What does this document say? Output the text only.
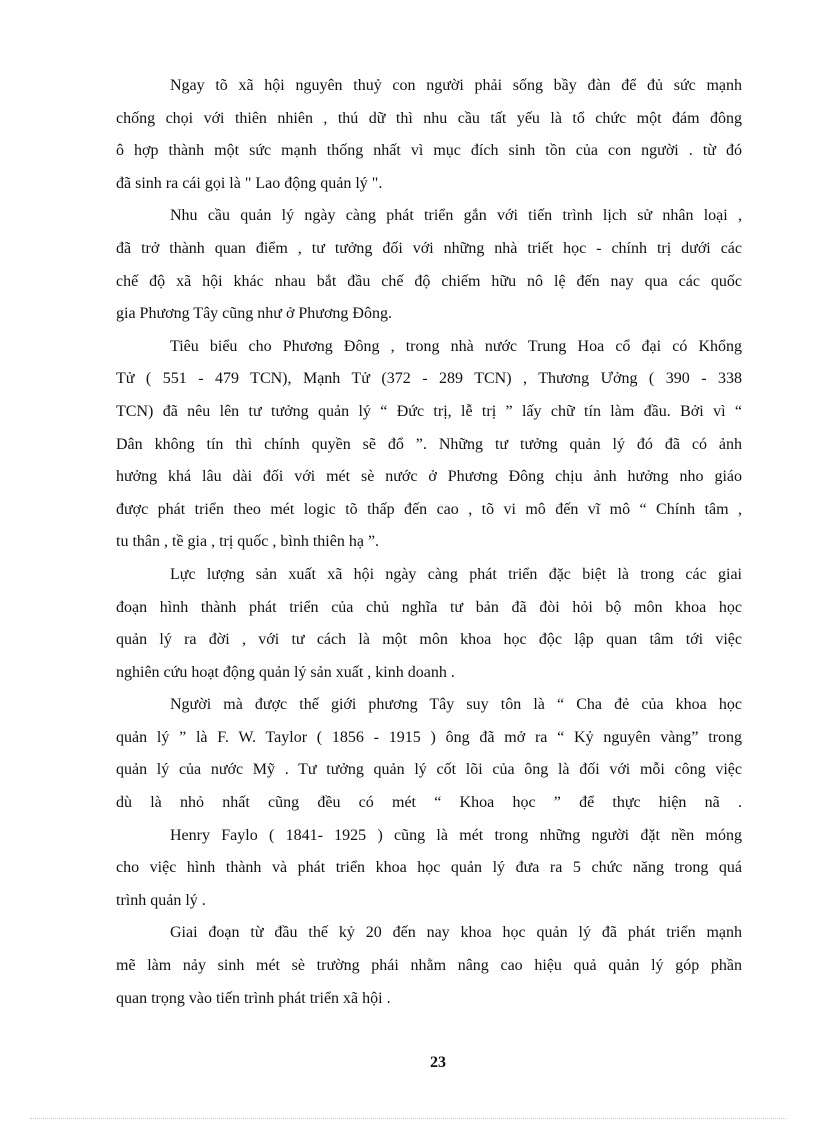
Ngay tõ xã hội nguyên thuỷ con người phải sống bầy đàn để đủ sức mạnh
chống chọi với thiên nhiên , thú dữ thì nhu cầu tất yếu là tổ chức một đám đông
ô hợp thành một sức mạnh thống nhất vì mục đích sinh tồn của con người . từ đó
đã sinh ra cái gọi là " Lao động quản lý ".
Nhu cầu quản lý ngày càng phát triển gắn với tiến trình lịch sử nhân loại ,
đã trở thành quan điểm , tư tưởng đối với những nhà triết học - chính trị dưới các
chế độ xã hội khác nhau bắt đầu chế độ chiếm hữu nô lệ đến nay qua các quốc
gia Phương Tây cũng như ở Phương Đông.
Tiêu biểu cho Phương Đông , trong nhà nước Trung Hoa cổ đại có Khổng
Tử ( 551 - 479 TCN), Mạnh Tử (372 - 289 TCN) , Thương Ưởng ( 390 - 338
TCN) đã nêu lên tư tưởng quản lý “ Đức trị, lễ trị ” lấy chữ tín làm đầu. Bởi vì “
Dân không tín thì chính quyền sẽ đổ ”. Những tư tưởng quản lý đó đã có ảnh
hưởng khá lâu dài đối với mét sè nước ở Phương Đông chịu ảnh hưởng nho giáo
được phát triển theo mét logic tõ thấp đến cao , tõ vi mô đến vĩ mô “ Chính tâm ,
tu thân , tề gia , trị quốc , bình thiên hạ ”.
Lực lượng sản xuất xã hội ngày càng phát triển đặc biệt là trong các giai
đoạn hình thành phát triển của chủ nghĩa tư bản đã đòi hỏi bộ môn khoa học
quản lý ra đời , với tư cách là một môn khoa học độc lập quan tâm tới việc
nghiên cứu hoạt động quản lý sản xuất , kinh doanh .
Người mà được thế giới phương Tây suy tôn là “ Cha đẻ của khoa học
quản lý ” là F. W. Taylor ( 1856 - 1915 ) ông đã mở ra “ Kỷ nguyên vàng” trong
quản lý của nước Mỹ . Tư tưởng quản lý cốt lõi của ông là đối với mỗi công việc
dù là nhỏ nhất cũng đều có mét “ Khoa học ” để thực hiện nã .
Henry Faylo ( 1841- 1925 ) cũng là mét trong những người đặt nền móng
cho việc hình thành và phát triển khoa học quản lý đưa ra 5 chức năng trong quá
trình quản lý .
Giai đoạn từ đầu thế kỷ 20 đến nay khoa học quản lý đã phát triển mạnh
mẽ làm nảy sinh mét sè trường phái nhằm nâng cao hiệu quả quản lý góp phần
quan trọng vào tiến trình phát triển xã hội .
23
